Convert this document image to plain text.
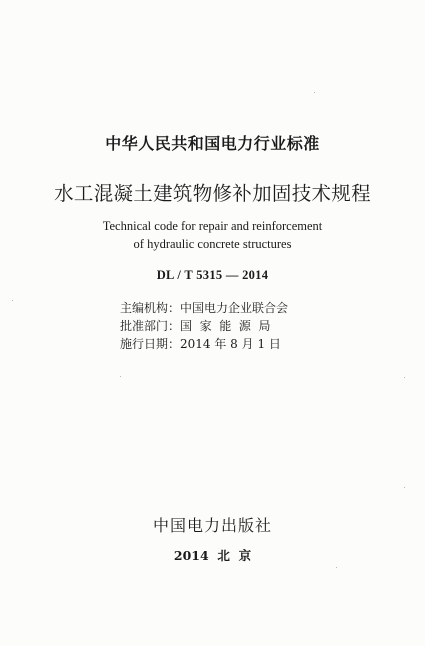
中华人民共和国电力行业标准
水工混凝土建筑物修补加固技术规程
Technical code for repair and reinforcement
of hydraulic concrete structures
DL / T 5315 — 2014
主编机构：中国电力企业联合会
批准部门：国  家  能  源  局
施行日期：2014 年 8 月 1 日
中国电力出版社
2014  北  京
